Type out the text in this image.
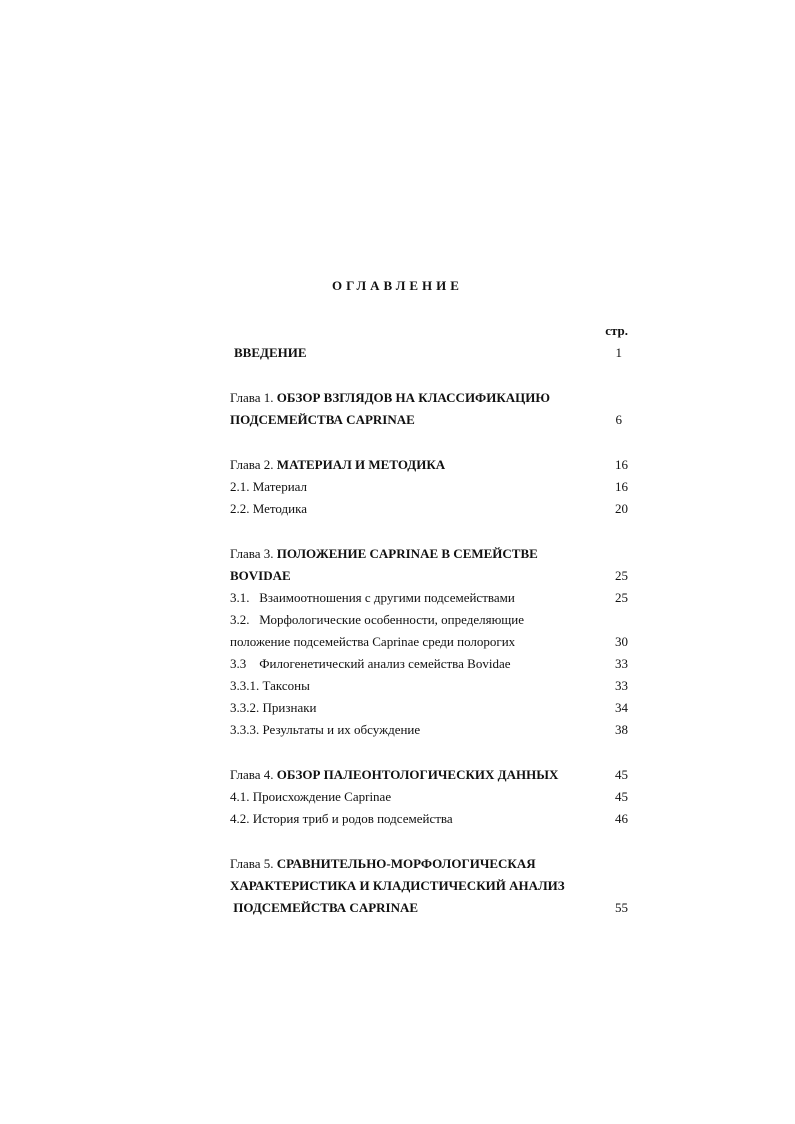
ОГЛАВЛЕНИЕ
стр.
ВВЕДЕНИЕ	1
Глава 1. ОБЗОР ВЗГЛЯДОВ НА КЛАССИФИКАЦИЮ
ПОДСЕМЕЙСТВА CAPRINAE	6
Глава 2. МАТЕРИАЛ И МЕТОДИКА	16
2.1. Материал	16
2.2. Методика	20
Глава 3. ПОЛОЖЕНИЕ CAPRINAE В СЕМЕЙСТВЕ
BOVIDAE	25
3.1.   Взаимоотношения с другими подсемействами	25
3.2.   Морфологические особенности, определяющие
положение подсемейства Caprinae среди полорогих	30
3.3    Филогенетический анализ семейства Bovidae	33
3.3.1. Таксоны	33
3.3.2. Признаки	34
3.3.3. Результаты и их обсуждение	38
Глава 4. ОБЗОР ПАЛЕОНТОЛОГИЧЕСКИХ ДАННЫХ	45
4.1. Происхождение Caprinae	45
4.2. История триб и родов подсемейства	46
Глава 5. СРАВНИТЕЛЬНО-МОРФОЛОГИЧЕСКАЯ
ХАРАКТЕРИСТИКА И КЛАДИСТИЧЕСКИЙ АНАЛИЗ
ПОДСЕМЕЙСТВА CAPRINAE	55
